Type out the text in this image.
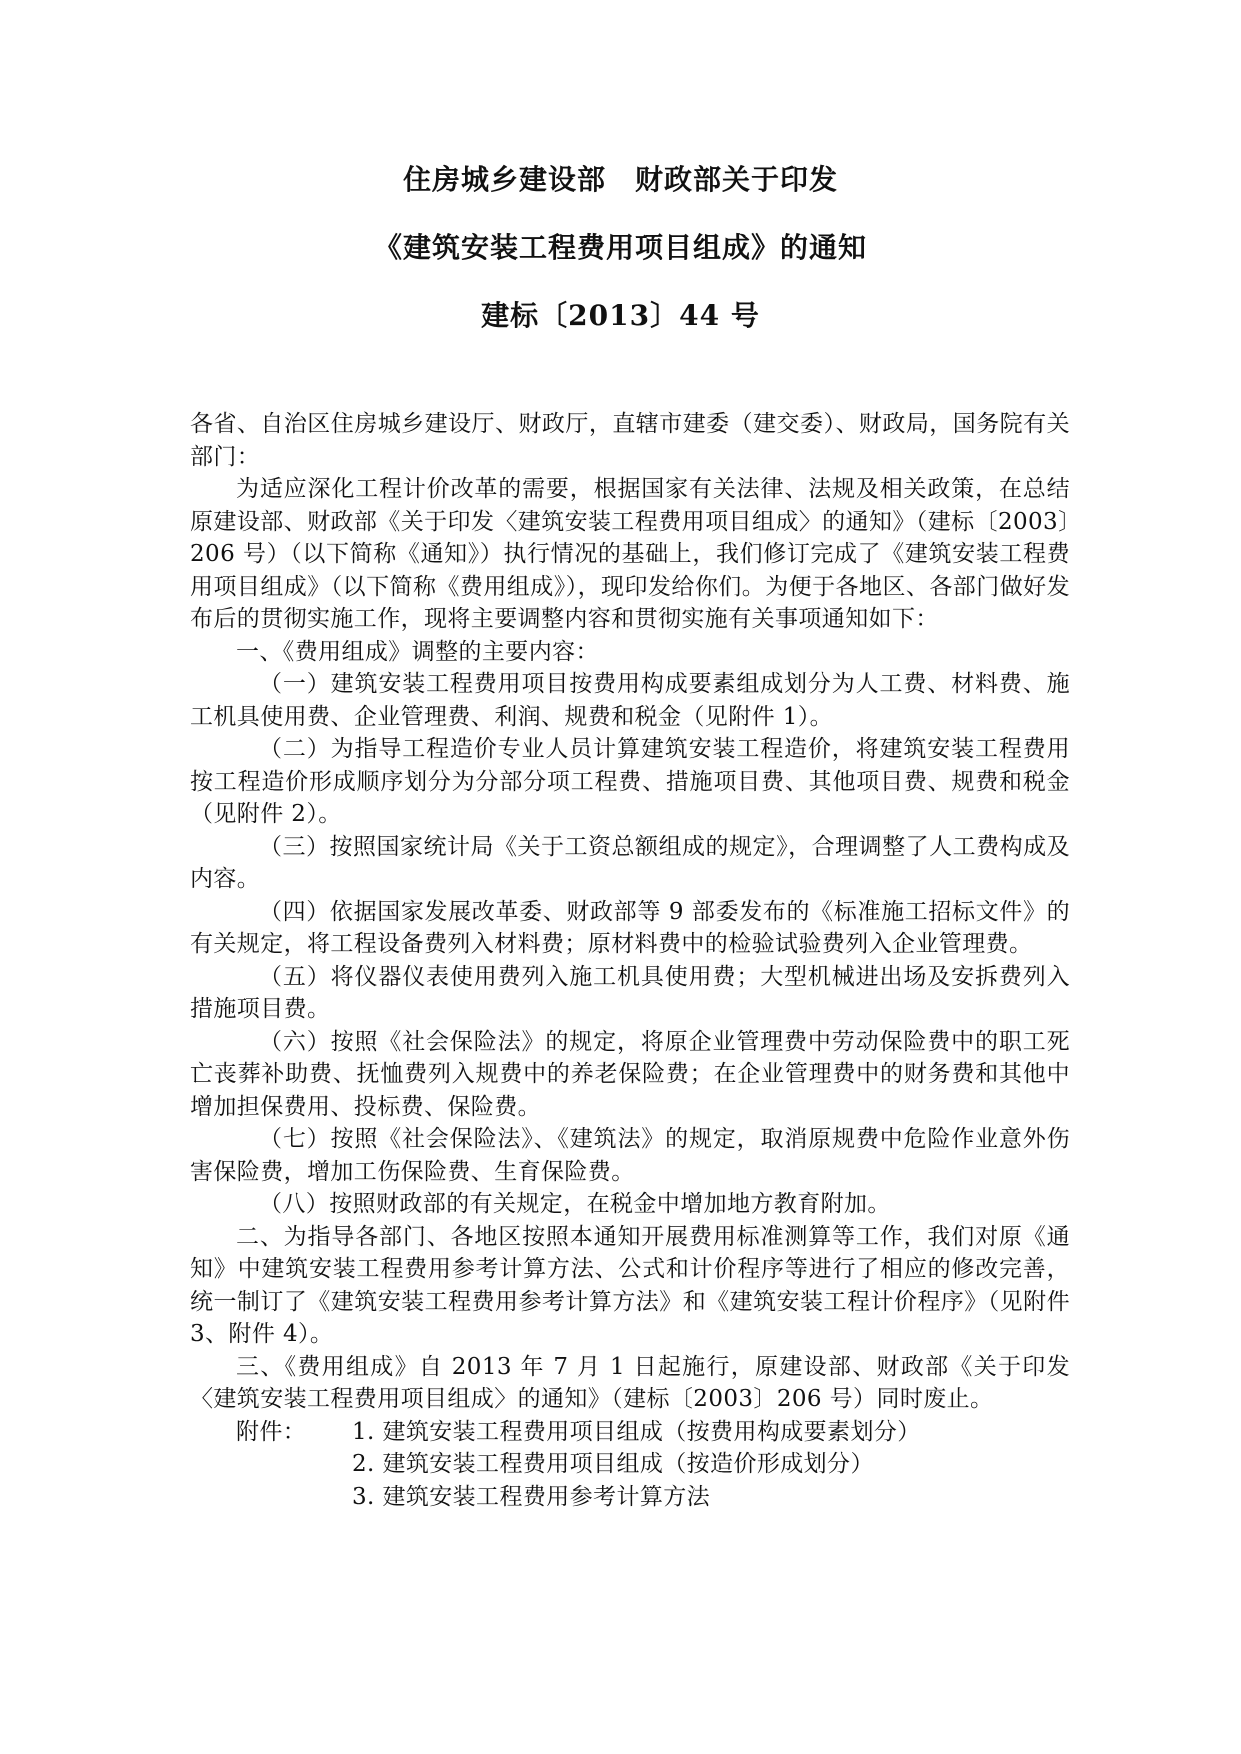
住房城乡建设部　财政部关于印发
《建筑安装工程费用项目组成》的通知
建标〔2013〕44 号

各省、自治区住房城乡建设厅、财政厅，直辖市建委（建交委）、财政局，国务院有关部门：

为适应深化工程计价改革的需要，根据国家有关法律、法规及相关政策，在总结原建设部、财政部《关于印发〈建筑安装工程费用项目组成〉的通知》（建标〔2003〕206 号）（以下简称《通知》）执行情况的基础上，我们修订完成了《建筑安装工程费用项目组成》（以下简称《费用组成》），现印发给你们。为便于各地区、各部门做好发布后的贯彻实施工作，现将主要调整内容和贯彻实施有关事项通知如下：

一、《费用组成》调整的主要内容：

（一）建筑安装工程费用项目按费用构成要素组成划分为人工费、材料费、施工机具使用费、企业管理费、利润、规费和税金（见附件 1）。

（二）为指导工程造价专业人员计算建筑安装工程造价，将建筑安装工程费用按工程造价形成顺序划分为分部分项工程费、措施项目费、其他项目费、规费和税金（见附件 2）。

（三）按照国家统计局《关于工资总额组成的规定》，合理调整了人工费构成及内容。

（四）依据国家发展改革委、财政部等 9 部委发布的《标准施工招标文件》的有关规定，将工程设备费列入材料费；原材料费中的检验试验费列入企业管理费。

（五）将仪器仪表使用费列入施工机具使用费；大型机械进出场及安拆费列入措施项目费。

（六）按照《社会保险法》的规定，将原企业管理费中劳动保险费中的职工死亡丧葬补助费、抚恤费列入规费中的养老保险费；在企业管理费中的财务费和其他中增加担保费用、投标费、保险费。

（七）按照《社会保险法》、《建筑法》的规定，取消原规费中危险作业意外伤害保险费，增加工伤保险费、生育保险费。

（八）按照财政部的有关规定，在税金中增加地方教育附加。

二、为指导各部门、各地区按照本通知开展费用标准测算等工作，我们对原《通知》中建筑安装工程费用参考计算方法、公式和计价程序等进行了相应的修改完善，统一制订了《建筑安装工程费用参考计算方法》和《建筑安装工程计价程序》（见附件 3、附件 4）。

三、《费用组成》自 2013 年 7 月 1 日起施行，原建设部、财政部《关于印发〈建筑安装工程费用项目组成〉的通知》（建标〔2003〕206 号）同时废止。

附件：	1. 建筑安装工程费用项目组成（按费用构成要素划分）
2. 建筑安装工程费用项目组成（按造价形成划分）
3. 建筑安装工程费用参考计算方法
